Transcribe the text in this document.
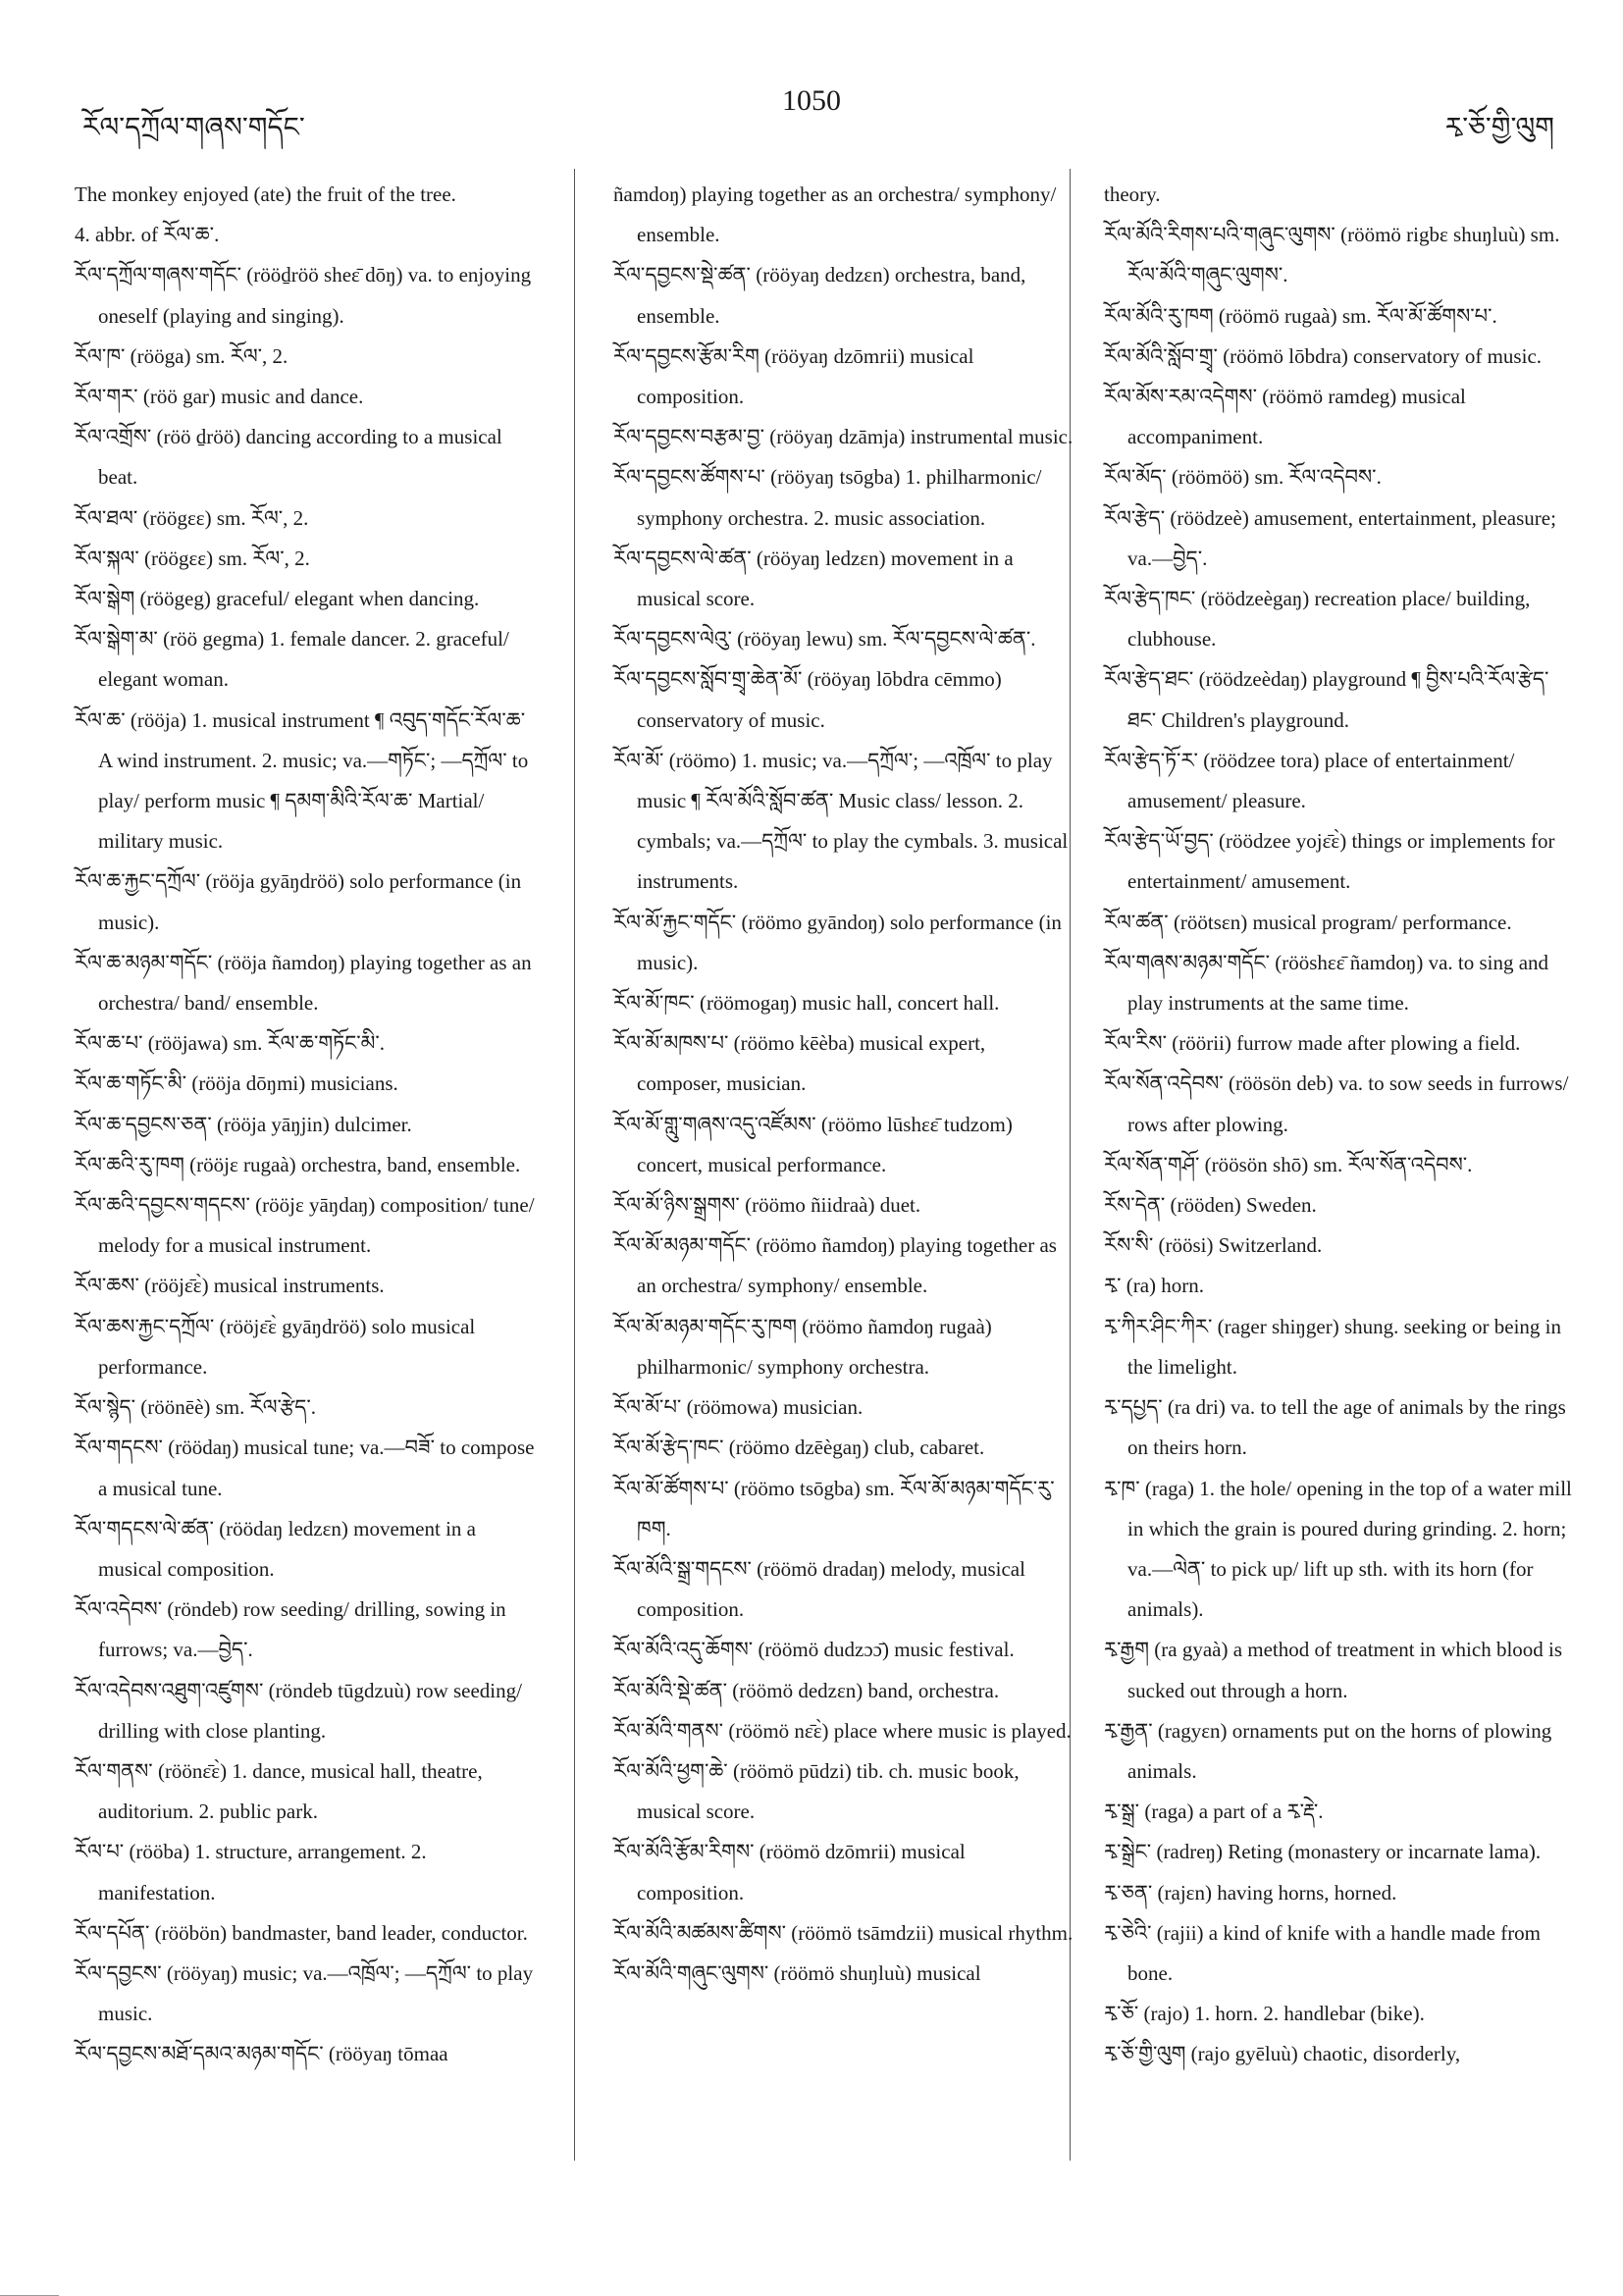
རོལ་དཀྲོལ་གཞས་གདོང་
1050
རྭ་ཅོ་གྱི་ལུག

The monkey enjoyed (ate) the fruit of the tree.

4. abbr. of རོལ་ཆ་.

རོལ་དཀྲོལ་གཞས་གདོང་ (rööḏröö sheɛ̄ dōŋ) va. to enjoying oneself (playing and singing).

རོལ་ཁ་ (rööga) sm. རོལ་, 2.

རོལ་གར་ (röö gar) music and dance.

རོལ་འགྲོས་ (röö ḏröö) dancing according to a musical beat.

རོལ་ཐལ་ (röögɛɛ) sm. རོལ་, 2.

རོལ་སྐལ་ (röögɛɛ) sm. རོལ་, 2.

རོལ་སྒེག (röögeg) graceful/ elegant when dancing.

རོལ་སྒེག་མ་ (röö gegma) 1. female dancer. 2. graceful/ elegant woman.

རོལ་ཆ་ (rööja) 1. musical instrument ¶ འབུད་གདོང་རོལ་ཆ་ A wind instrument. 2. music; va.—གཏོང་; —དཀྲོལ་ to play/ perform music ¶ དམག་མིའི་རོལ་ཆ་ Martial/ military music.

རོལ་ཆ་རྐྱང་དཀྲོལ་ (rööja gyāŋdröö) solo performance (in music).

རོལ་ཆ་མཉམ་གདོང་ (rööja ñamdoŋ) playing together as an orchestra/ band/ ensemble.

རོལ་ཆ་པ་ (rööjawa) sm. རོལ་ཆ་གཏོང་མི་.

རོལ་ཆ་གཏོང་མི་ (rööja dōŋmi) musicians.

རོལ་ཆ་དབྱངས་ཅན་ (rööja yāŋjin) dulcimer.

རོལ་ཆའི་རུ་ཁག (rööjɛ rugaà) orchestra, band, ensemble.

རོལ་ཆའི་དབྱངས་གདངས་ (rööjɛ yāŋdaŋ) composition/ tune/ melody for a musical instrument.

རོལ་ཆས་ (rööjɛ̄ɛ̀) musical instruments.

རོལ་ཆས་རྐྱང་དཀྲོལ་ (rööjɛ̄ɛ̀ gyāŋdröö) solo musical performance.

རོལ་སྙེད་ (röönēè) sm. རོལ་རྩེད་.

རོལ་གདངས་ (röödaŋ) musical tune; va.—བཟོ་ to compose a musical tune.

རོལ་གདངས་ལེ་ཚན་ (röödaŋ ledzɛn) movement in a musical composition.

རོལ་འདེབས་ (röndeb) row seeding/ drilling, sowing in furrows; va.—བྱེད་.

རོལ་འདེབས་འཐུག་འཛུགས་ (röndeb tūgdzuù) row seeding/ drilling with close planting.

རོལ་གནས་ (röönɛ̄ɛ̀) 1. dance, musical hall, theatre, auditorium. 2. public park.

རོལ་པ་ (rööba) 1. structure, arrangement. 2. manifestation.

རོལ་དཔོན་ (rööbön) bandmaster, band leader, conductor.

རོལ་དབྱངས་ (rööyaŋ) music; va.—འཁྲོལ་; —དཀྲོལ་ to play music.

རོལ་དབྱངས་མཐོ་དམའ་མཉམ་གདོང་ (rööyaŋ tōmaa

ñamdoŋ) playing together as an orchestra/ symphony/ ensemble.

རོལ་དབྱངས་སྡེ་ཚན་ (rööyaŋ dedzɛn) orchestra, band, ensemble.

རོལ་དབྱངས་རྩོམ་རིག (rööyaŋ dzōmrii) musical composition.

རོལ་དབྱངས་བརྩམ་བྱ་ (rööyaŋ dzāmja) instrumental music.

རོལ་དབྱངས་ཚོགས་པ་ (rööyaŋ tsōgba) 1. philharmonic/ symphony orchestra. 2. music association.

རོལ་དབྱངས་ལེ་ཚན་ (rööyaŋ ledzɛn) movement in a musical score.

རོལ་དབྱངས་ལེའུ་ (rööyaŋ lewu) sm. རོལ་དབྱངས་ལེ་ཚན་.

རོལ་དབྱངས་སློབ་གྲྭ་ཆེན་མོ་ (rööyaŋ lōbdra cēmmo) conservatory of music.

རོལ་མོ་ (röömo) 1. music; va.—དཀྲོལ་; —འཁྲོལ་ to play music ¶ རོལ་མོའི་སློབ་ཚན་ Music class/ lesson. 2. cymbals; va.—དཀྲོལ་ to play the cymbals. 3. musical instruments.

རོལ་མོ་རྐྱང་གདོང་ (röömo gyāndoŋ) solo performance (in music).

རོལ་མོ་ཁང་ (röömogaŋ) music hall, concert hall.

རོལ་མོ་མཁས་པ་ (röömo kēèba) musical expert, composer, musician.

རོལ་མོ་གླུ་གཞས་འདུ་འཛོམས་ (röömo lūshɛɛ̄ tudzom) concert, musical performance.

རོལ་མོ་ཉིས་སྒྲགས་ (röömo ñiidraà) duet.

རོལ་མོ་མཉམ་གདོང་ (röömo ñamdoŋ) playing together as an orchestra/ symphony/ ensemble.

རོལ་མོ་མཉམ་གདོང་རུ་ཁག (röömo ñamdoŋ rugaà) philharmonic/ symphony orchestra.

རོལ་མོ་པ་ (röömowa) musician.

རོལ་མོ་རྩེད་ཁང་ (röömo dzēègaŋ) club, cabaret.

རོལ་མོ་ཚོགས་པ་ (röömo tsōgba) sm. རོལ་མོ་མཉམ་གདོང་རུ་ཁག.

རོལ་མོའི་སྒྲ་གདངས་ (röömö dradaŋ) melody, musical composition.

རོལ་མོའི་འདུ་ཆོགས་ (röömö dudzɔɔ̄) music festival.

རོལ་མོའི་སྡེ་ཚན་ (röömö dedzɛn) band, orchestra.

རོལ་མོའི་གནས་ (röömö nɛ̄ɛ̀) place where music is played.

རོལ་མོའི་ཕྱག་ཆེ་ (röömö pūdzi) tib. ch. music book, musical score.

རོལ་མོའི་རྩོམ་རིགས་ (röömö dzōmrii) musical composition.

རོལ་མོའི་མཚམས་ཚིགས་ (röömö tsāmdzii) musical rhythm.

རོལ་མོའི་གཞུང་ལུགས་ (röömö shuŋluù) musical

theory.

རོལ་མོའི་རིགས་པའི་གཞུང་ལུགས་ (röömö rigbɛ shuŋluù) sm. རོལ་མོའི་གཞུང་ལུགས་.

རོལ་མོའི་རུ་ཁག (röömö rugaà) sm. རོལ་མོ་ཚོགས་པ་.

རོལ་མོའི་སློབ་གྲྭ་ (röömö lōbdra) conservatory of music.

རོལ་མོས་རམ་འདེགས་ (röömö ramdeg) musical accompaniment.

རོལ་མོད་ (röömöö) sm. རོལ་འདེབས་.

རོལ་རྩེད་ (röödzeè) amusement, entertainment, pleasure; va.—བྱེད་.

རོལ་རྩེད་ཁང་ (röödzeègaŋ) recreation place/ building, clubhouse.

རོལ་རྩེད་ཐང་ (röödzeèdaŋ) playground ¶ བྱིས་པའི་རོལ་རྩེད་ཐང་ Children's playground.

རོལ་རྩེད་ཏོ་ར་ (röödzee tora) place of entertainment/ amusement/ pleasure.

རོལ་རྩེད་ཡོ་བྱད་ (röödzee yojɛ̄ɛ̀) things or implements for entertainment/ amusement.

རོལ་ཚན་ (röötsɛn) musical program/ performance.

རོལ་གཞས་མཉམ་གདོང་ (rööshɛɛ̄ ñamdoŋ) va. to sing and play instruments at the same time.

རོལ་རིས་ (röörii) furrow made after plowing a field.

རོལ་སོན་འདེབས་ (röösön deb) va. to sow seeds in furrows/ rows after plowing.

རོལ་སོན་གཤོ་ (röösön shō) sm. རོལ་སོན་འདེབས་.

རོས་དེན་ (rööden) Sweden.

རོས་སི་ (röösi) Switzerland.

རྭ་ (ra) horn.

རྭ་ཀིར་ཤིང་ཀིར་ (rager shiŋger) shung. seeking or being in the limelight.

རྭ་དཔྱད་ (ra dri) va. to tell the age of animals by the rings on theirs horn.

རྭ་ཁ་ (raga) 1. the hole/ opening in the top of a water mill in which the grain is poured during grinding. 2. horn; va.—ལེན་ to pick up/ lift up sth. with its horn (for animals).

རྭ་རྒྱག (ra gyaà) a method of treatment in which blood is sucked out through a horn.

རྭ་རྒྱན་ (ragyɛn) ornaments put on the horns of plowing animals.

རྭ་སྒྲ་ (raga) a part of a རྭ་རྡེ་.

རྭ་སྒྲེང་ (radreŋ) Reting (monastery or incarnate lama).

རྭ་ཅན་ (rajɛn) having horns, horned.

རྭ་ཅེའི་ (rajii) a kind of knife with a handle made from bone.

རྭ་ཅོ་ (rajo) 1. horn. 2. handlebar (bike).

རྭ་ཅོ་གྱི་ལུག (rajo gyēluù) chaotic, disorderly,
